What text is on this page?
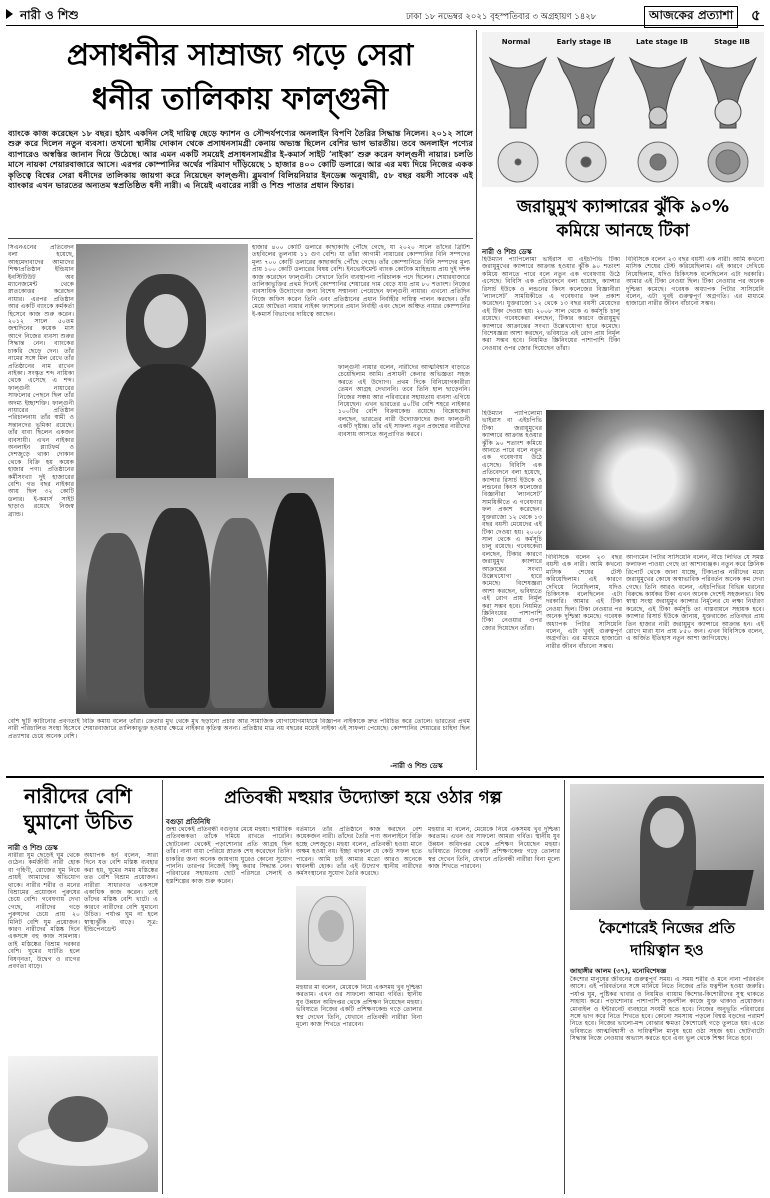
নারী ও শিশু	ঢাকা ১৮ নভেম্বর ২০২১ বৃহস্পতিবার ৩ অগ্রহায়ণ ১৪২৮	আজকের প্রত্যাশা	৫
প্রসাধনীর সাম্রাজ্য গড়ে সেরা
ধনীর তালিকায় ফাল্গুনী
ব্যাংকে কাজ করেছেন ১৮ বছর। হঠাৎ একদিন সেই দায়িত্ব ছেড়ে ফ্যাশন ও সৌন্দর্যপণ্যের অনলাইন বিপণি তৈরির সিদ্ধান্ত নিলেন। ২০১২ সালে শুরু করে দিলেন নতুন ব্যবসা। তখনো স্থানীয় দোকান থেকে প্রসাধনসামগ্রী কেনায় অভ্যস্ত ছিলেন বেশির ভাগ ভারতীয়। তবে অনলাইন পণ্যের ব্যাপারেও অস্বস্তির জানান দিয়ে উঠেছে। আর এমন একটি সময়েই প্রসাধনসামগ্রীর ই-কমার্স সাইট ‘নাইকা’ শুরু করেন ফাল্গুনী নায়ার। চলতি মাসে নায়কা শেয়ারবাজারে আসে। এরপর কোম্পানির অর্থের পরিমাণ দাঁড়িয়েছে ১ হাজার ৪০০ কোটি ডলারে। আর এর মধ্য দিয়ে নিজের একক কৃতিত্বে বিশ্বের সেরা ধনীদের তালিকায় জায়গা করে নিয়েছেন ফাল্গুনী। ব্লুমবার্গ বিলিয়নিয়ার ইনডেক্স অনুযায়ী, ৫৮ বছর বয়সী সাবেক এই ব্যাংকার এখন ভারতের অন্যতম স্বপ্রতিষ্ঠিত ধনী নারী। এ নিয়েই এবারের নারী ও শিশু পাতার প্রধান ফিচার।
সিএনএনের প্রতিবেদন বলা হয়েছে, আহমেদাবাদের আমাদের শিক্ষাপ্রতিষ্ঠান ইন্ডিয়ান ইনস্টিটিউট অব ম্যানেজমেন্ট থেকে স্নাতকোত্তর করেছেন নায়ার। এরপর প্রতিষ্ঠান আর একটি ব্যাংকে কর্মকর্তা হিসেবে কাজ শুরু করেন। ২০১২ সালে ৫০তম জন্মদিনের কয়েক মাস আগে নিজের ব্যবসা শুরুর সিদ্ধান্ত নেন। ব্যাংকের চাকরি ছেড়ে দেন। তাঁর নামের সঙ্গে মিল রেখে তাঁর প্রতিষ্ঠানের নাম রাখেন নাইকা। সংস্কৃত শব্দ নায়িকা থেকে এসেছে এ শব্দ। ফাল্গুনী নায়ারের সাফল্যের পেছনে ছিল তাঁর অদম্য ইচ্ছাশক্তি। ফাল্গুনী নায়ারের প্রতিষ্ঠান পরিচালনায় তাঁর স্বামী ও সন্তানদের ভূমিকা রয়েছে। তাঁর বাবা ছিলেন একজন ব্যবসায়ী। এখন নাইকার অনলাইন প্ল্যাটফর্ম ও দেশজুড়ে থাকা দোকান থেকে বিক্রি হয় কয়েক হাজার পণ্য। প্রতিষ্ঠানের কর্মীসংখ্যা দুই হাজারের বেশি। গত বছর নাইকার আয় ছিল ৩২ কোটি ডলার। ই-কমার্স সাইট ছাড়াও রয়েছে নিজস্ব ব্র্যান্ড।
হাজার ৪০০ কোটি ডলারে কাছাকাছি পৌঁছে গেছে, যা ২০২০ সালে তাঁদের ব্রিটিশ তহবিলের তুলনায় ১১ গুণ বেশি। যা তাঁরা আগামী নায়ারের কোম্পানির বিনি সম্পদের মূল্য ৭০০ কোটি ডলারের কাছাকাছি পৌঁছে গেছে। তাঁর কোম্পানিতে বিনি সম্পদের মূল্য প্রায় ১০০ কোটি ডলারের বিষয় বেশি। ইনভেস্টমেন্ট ব্যাংক কোটাক মাহিন্দ্রায় প্রায় দুই দশক কাজ করেছেন ফাল্গুনী। সেখানে তিনি ব্যবস্থাপনা পরিচালক পদে ছিলেন। শেয়ারবাজারে তালিকাভুক্তির প্রথম দিনেই কোম্পানির শেয়ারের দাম বেড়ে যায় প্রায় ৮০ শতাংশ। নিজের ব্যবসায়িক উদ্যোগের জন্য বিশেষ সম্মাননা পেয়েছেন ফাল্গুনী নায়ার। এখনো প্রতিদিন নিজে অফিস করেন তিনি এবং প্রতিষ্ঠানের প্রধান নির্বাহীর দায়িত্ব পালন করছেন। তাঁর মেয়ে আদ্বৈতা নায়ার নাইকা ফ্যাশনের প্রধান নির্বাহী এবং ছেলে অঞ্চিত নায়ার কোম্পানির ই-কমার্স বিভাগের দায়িত্বে আছেন।
ফাল্গুনী নায়ার বলেন, নারীদের আত্মবিশ্বাস বাড়াতে চেয়েছিলাম আমি। প্রসাধনী কেনার অভিজ্ঞতা সহজ করতে এই উদ্যোগ। প্রথম দিকে বিনিয়োগকারীরা তেমন আগ্রহ দেখাননি। তবে তিনি হাল ছাড়েননি। নিজের সঞ্চয় আর পরিবারের সহায়তায় ব্যবসা এগিয়ে নিয়েছেন। এখন ভারতের ৪০টির বেশি শহরে নাইকার ১০০টির বেশি বিক্রয়কেন্দ্র রয়েছে। বিশ্লেষকেরা বলছেন, ভারতের নারী উদ্যোক্তাদের জন্য ফাল্গুনী একটি দৃষ্টান্ত। তাঁর এই সাফল্য নতুন প্রজন্মের নারীদের ব্যবসায় আসতে অনুপ্রাণিত করবে।
বেশি ছুটি কাটানোর প্রবণতাই বিক্রি কমায় বলেন তাঁরা। ক্রেতার মুখ থেকে মুখ ছড়ানো প্রচার আর সামাজিক যোগাযোগমাধ্যমে বিজ্ঞাপন নাইকাকে দ্রুত পরিচিত করে তোলে। ভারতের প্রথম নারী পরিচালিত সংস্থা হিসেবে শেয়ারবাজারে তালিকাভুক্ত হওয়ার ক্ষেত্রে নাইকার কৃতিত্ব অনন্য। প্রতিষ্ঠার মাত্র নয় বছরের মধ্যেই নাইকা এই সাফল্য পেয়েছে। কোম্পানির শেয়ারের চাহিদা ছিল প্রত্যাশার চেয়ে অনেক বেশি।
-নারী ও শিশু ডেস্ক
Normal	Early stage IB	Late stage IB	Stage IIB
জরায়ুমুখ ক্যান্সারের ঝুঁকি ৯০%
কমিয়ে আনছে টিকা
নারী ও শিশু ডেস্ক
হিউম্যান প্যাপিলোমা ভাইরাস বা এইচপিভি টিকা জরায়ুমুখের ক্যান্সারে আক্রান্ত হওয়ার ঝুঁকি ৯০ শতাংশ কমিয়ে আনতে পারে বলে নতুন এক গবেষণায় উঠে এসেছে। বিবিসি এক প্রতিবেদনে বলা হয়েছে, ক্যান্সার রিসার্চ ইউকে ও লন্ডনের কিংস কলেজের বিজ্ঞানীরা ‘ল্যানসেট’ সাময়িকীতে এ গবেষণার ফল প্রকাশ করেছেন। যুক্তরাজ্যে ১২ থেকে ১৩ বছর বয়সী মেয়েদের এই টিকা দেওয়া হয়। ২০০৮ সাল থেকে এ কর্মসূচি চালু রয়েছে। গবেষকেরা বলছেন, টিকার কারণে জরায়ুমুখ ক্যান্সারে আক্রান্তের সংখ্যা উল্লেখযোগ্য হারে কমেছে। বিশেষজ্ঞরা আশা করছেন, ভবিষ্যতে এই রোগ প্রায় নির্মূল করা সম্ভব হবে। নিয়মিত স্ক্রিনিংয়ের পাশাপাশি টিকা নেওয়ার ওপর জোর দিয়েছেন তাঁরা।
বিবিসিকে বলেন ২৩ বছর বয়সী এক নারী। আমি কখনো মাসিক শেষের টেস্ট করিয়েছিলাম। এই কারণে দেখিয়ে নিয়েছিলাম, যদিও চিকিৎসক বলেছিলেন এটা দরকারি। আমার এই টিকা নেওয়া ছিল। টিকা নেওয়ার পর অনেক দুশ্চিন্তা কমেছে। গবেষক অধ্যাপক পিটার সাসিয়েনি বলেন, এটা খুবই গুরুত্বপূর্ণ অগ্রগতি। এর মাধ্যমে হাজারো নারীর জীবন বাঁচানো সম্ভব।
হিউম্যান প্যাপিলোমা ভাইরাস বা এইচপিভি টিকা জরায়ুমুখের ক্যান্সারে আক্রান্ত হওয়ার ঝুঁকি ৯০ শতাংশ কমিয়ে আনতে পারে বলে নতুন এক গবেষণায় উঠে এসেছে। বিবিসি এক প্রতিবেদনে বলা হয়েছে, ক্যান্সার রিসার্চ ইউকে ও লন্ডনের কিংস কলেজের বিজ্ঞানীরা ‘ল্যানসেট’ সাময়িকীতে এ গবেষণার ফল প্রকাশ করেছেন। যুক্তরাজ্যে ১২ থেকে ১৩ বছর বয়সী মেয়েদের এই টিকা দেওয়া হয়। ২০০৮ সাল থেকে এ কর্মসূচি চালু রয়েছে। গবেষকেরা বলছেন, টিকার কারণে জরায়ুমুখ ক্যান্সারে আক্রান্তের সংখ্যা উল্লেখযোগ্য হারে কমেছে। বিশেষজ্ঞরা আশা করছেন, ভবিষ্যতে এই রোগ প্রায় নির্মূল করা সম্ভব হবে। নিয়মিত স্ক্রিনিংয়ের পাশাপাশি টিকা নেওয়ার ওপর জোর দিয়েছেন তাঁরা।
আগামেন পিটার সাসিয়েনি বলেন, নীচে লিখিত যে সমস্ত ফলাফল পাওয়া গেছে তা আশাব্যঞ্জক। নতুন করে ক্লিনিক রিপোর্ট থেকে জানা যাচ্ছে, টিকাপ্রাপ্ত নারীদের মধ্যে জরায়ুমুখের কোষে অস্বাভাবিক পরিবর্তন অনেক কম দেখা গেছে। তিনি আরও বলেন, এইচপিভির বিভিন্ন ধরনের বিরুদ্ধে কার্যকর টিকা এখন অনেক দেশেই সহজলভ্য। বিশ্ব স্বাস্থ্য সংস্থা জরায়ুমুখ ক্যান্সার নির্মূলের যে লক্ষ্য নির্ধারণ করেছে, এই টিকা কর্মসূচি তা বাস্তবায়নে সহায়ক হবে। ক্যান্সার রিসার্চ ইউকে জানায়, যুক্তরাজ্যে প্রতিবছর প্রায় তিন হাজার নারী জরায়ুমুখ ক্যান্সারে আক্রান্ত হন। এই রোগে মারা যান প্রায় ৮৫০ জন। এখন বিবিসিকে বলেন, এ অর্জিত ইতিহাস নতুন আশা জাগিয়েছে।
বিবিসিকে বলেন ২৩ বছর বয়সী এক নারী। আমি কখনো মাসিক শেষের টেস্ট করিয়েছিলাম। এই কারণে দেখিয়ে নিয়েছিলাম, যদিও চিকিৎসক বলেছিলেন এটা দরকারি। আমার এই টিকা নেওয়া ছিল। টিকা নেওয়ার পর অনেক দুশ্চিন্তা কমেছে। গবেষক অধ্যাপক পিটার সাসিয়েনি বলেন, এটা খুবই গুরুত্বপূর্ণ অগ্রগতি। এর মাধ্যমে হাজারো নারীর জীবন বাঁচানো সম্ভব।
নারীদের বেশি
ঘুমানো উচিত
নারী ও শিশু ডেস্ক
নারীরা ঘুম ছেড়েই ঘুম থেকে ওঠেন। কর্মজীবী নারী হোক বা গৃহিণী, রোজের ঘুম নিয়ে প্রায়ই আমাদের অভিযোগ থাকে। নারীর শরীর ও মনের বিশ্রামের প্রয়োজন পুরুষের চেয়ে বেশি। গবেষণায় দেখা গেছে, নারীদের গড়ে পুরুষদের চেয়ে প্রায় ২০ মিনিট বেশি ঘুম প্রয়োজন। কারণ নারীদের মস্তিষ্ক দিনে একসঙ্গে বহু কাজ সামলায়। তাই মস্তিষ্কের বিশ্রাম দরকার বেশি। ঘুমের ঘাটতি হলে বিষণ্নতা, উদ্বেগ ও রাগের প্রবণতা বাড়ে।
অধ্যাপক হর্ন বলেন, সারা দিনে যত বেশি মস্তিষ্ক ব্যবহার করা হয়, ঘুমের সময় মস্তিষ্কের তত বেশি বিশ্রাম প্রয়োজন। নারীরা সাধারণত একসঙ্গে একাধিক কাজ করেন। তাই তাঁদের মস্তিষ্ক বেশি খাটে। এ কারণে নারীদের বেশি ঘুমানো উচিত। পর্যাপ্ত ঘুম না হলে স্বাস্থ্যঝুঁকি বাড়ে। সূত্র: ইন্ডিপেনডেন্ট
প্রতিবন্ধী মহুয়ার উদ্যোক্তা হয়ে ওঠার গল্প
বগুড়া প্রতিনিধি
জন্ম থেকেই প্রতিবন্ধী বগুড়ার মেয়ে মহুয়া। শারীরিক প্রতিবন্ধকতা তাঁকে দমিয়ে রাখতে পারেনি। ছোটবেলা থেকেই পড়াশোনার প্রতি আগ্রহ ছিল তাঁর। নানা বাধা পেরিয়ে স্নাতক শেষ করেছেন তিনি। চাকরির জন্য অনেক জায়গায় ঘুরেও কোনো সুযোগ পাননি। তারপর নিজেই কিছু করার সিদ্ধান্ত নেন। পরিবারের সহায়তায় ছোট পরিসরে সেলাই ও হস্তশিল্পের কাজ শুরু করেন।
বর্তমানে তাঁর প্রতিষ্ঠানে কাজ করছেন বেশ কয়েকজন নারী। তাঁদের তৈরি পণ্য অনলাইনে বিক্রি হচ্ছে দেশজুড়ে। মহুয়া বলেন, প্রতিবন্ধী হওয়া মানে অক্ষম হওয়া নয়। ইচ্ছা থাকলে যে কেউ সফল হতে পারেন। আমি চাই আমার মতো আরও অনেকে স্বাবলম্বী হোক। তাঁর এই উদ্যোগ স্থানীয় নারীদের কর্মসংস্থানের সুযোগ তৈরি করেছে।
মহুয়ার মা বলেন, মেয়েকে নিয়ে একসময় খুব দুশ্চিন্তা করতাম। এখন ওর সাফল্যে আমরা গর্বিত। স্থানীয় যুব উন্নয়ন অধিদপ্তর থেকে প্রশিক্ষণ নিয়েছেন মহুয়া। ভবিষ্যতে নিজের একটি প্রশিক্ষণকেন্দ্র গড়ে তোলার স্বপ্ন দেখেন তিনি, যেখানে প্রতিবন্ধী নারীরা বিনা মূল্যে কাজ শিখতে পারবেন।
মহুয়ার মা বলেন, মেয়েকে নিয়ে একসময় খুব দুশ্চিন্তা করতাম। এখন ওর সাফল্যে আমরা গর্বিত। স্থানীয় যুব উন্নয়ন অধিদপ্তর থেকে প্রশিক্ষণ নিয়েছেন মহুয়া। ভবিষ্যতে নিজের একটি প্রশিক্ষণকেন্দ্র গড়ে তোলার স্বপ্ন দেখেন তিনি, যেখানে প্রতিবন্ধী নারীরা বিনা মূল্যে কাজ শিখতে পারবেন।
কৈশোরেই নিজের প্রতি
দায়িত্বান হও
জাহাঙ্গীর আলম (৩৭), মনোবিশেষজ্ঞ
কৈশোর মানুষের জীবনের গুরুত্বপূর্ণ সময়। এ সময় শরীর ও মনে নানা পরিবর্তন আসে। এই পরিবর্তনের সঙ্গে মানিয়ে নিতে নিজের প্রতি যত্নশীল হওয়া জরুরি। পর্যাপ্ত ঘুম, পুষ্টিকর খাবার ও নিয়মিত ব্যায়াম কিশোর-কিশোরীদের সুস্থ থাকতে সাহায্য করে। পড়াশোনার পাশাপাশি সৃজনশীল কাজে যুক্ত থাকাও প্রয়োজন। মোবাইল ও ইন্টারনেট ব্যবহারে সংযমী হতে হবে। নিজের অনুভূতি পরিবারের সঙ্গে ভাগ করে নিতে শিখতে হবে। কোনো সমস্যায় পড়লে বিশ্বস্ত বড়দের পরামর্শ নিতে হবে। নিজের ভালো-মন্দ বোঝার ক্ষমতা কৈশোরেই গড়ে তুলতে হয়। এতে ভবিষ্যতে আত্মবিশ্বাসী ও দায়িত্বশীল মানুষ হয়ে ওঠা সহজ হয়। ছোটখাটো সিদ্ধান্ত নিজে নেওয়ার অভ্যাস করতে হবে এবং ভুল থেকে শিক্ষা নিতে হবে।
